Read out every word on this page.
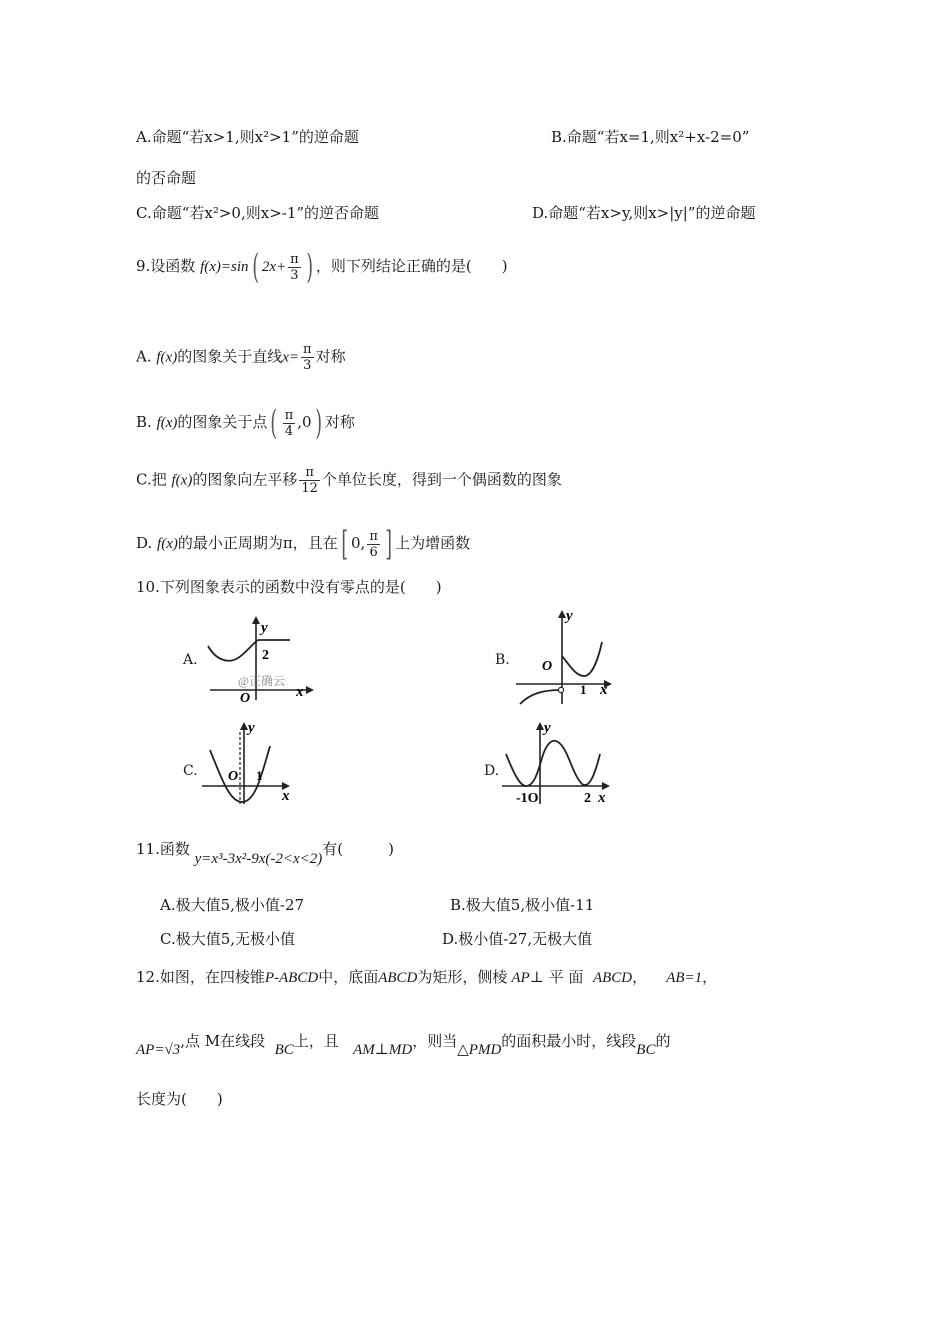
A.命题“若x>1,则x²>1”的逆命题	B.命题“若x=1,则x²+x-2=0”
的否命题
C.命题“若x²>0,则x>-1”的逆否命题	D.命题“若x>y,则x>|y|”的逆命题
9.设函数 f(x)=sin( $2x+ \frac{\pi}{3}$ ) ，则下列结论正确的是(　　)
A. f(x)的图象关于直线$x= \frac{\pi}{3}$ 对称
B. f(x)的图象关于点( $\frac{\pi}{4} ,0$) 对称
C.把 f(x)的图象向左平移 $\frac{\pi}{12}$ 个单位长度，得到一个偶函数的图象
D. f(x)的最小正周期为π，且在[ 0, $\frac{\pi}{6}$ ] 上为增函数
10.下列图象表示的函数中没有零点的是(　　)
A.	B.
C.	D.
y
2
O	x
@正确云
y
O
1 x
y
O 1
x
y
-1O	2 x
11.函数 y=x³-3x²-9x(-2<x<2)有(　　　)
A.极大值5,极小值-27	B.极大值5,极小值-11
C.极大值5,无极小值	D.极小值-27,无极大值
12.如图，在四棱锥P-ABCD中，底面ABCD为矩形，侧棱 AP⊥ 平 面 ABCD， AB=1，
AP=√3,点 M在线段 BC上，且 AM⊥MD，则当△PMD的面积最小时，线段BC的
长度为(　　)
